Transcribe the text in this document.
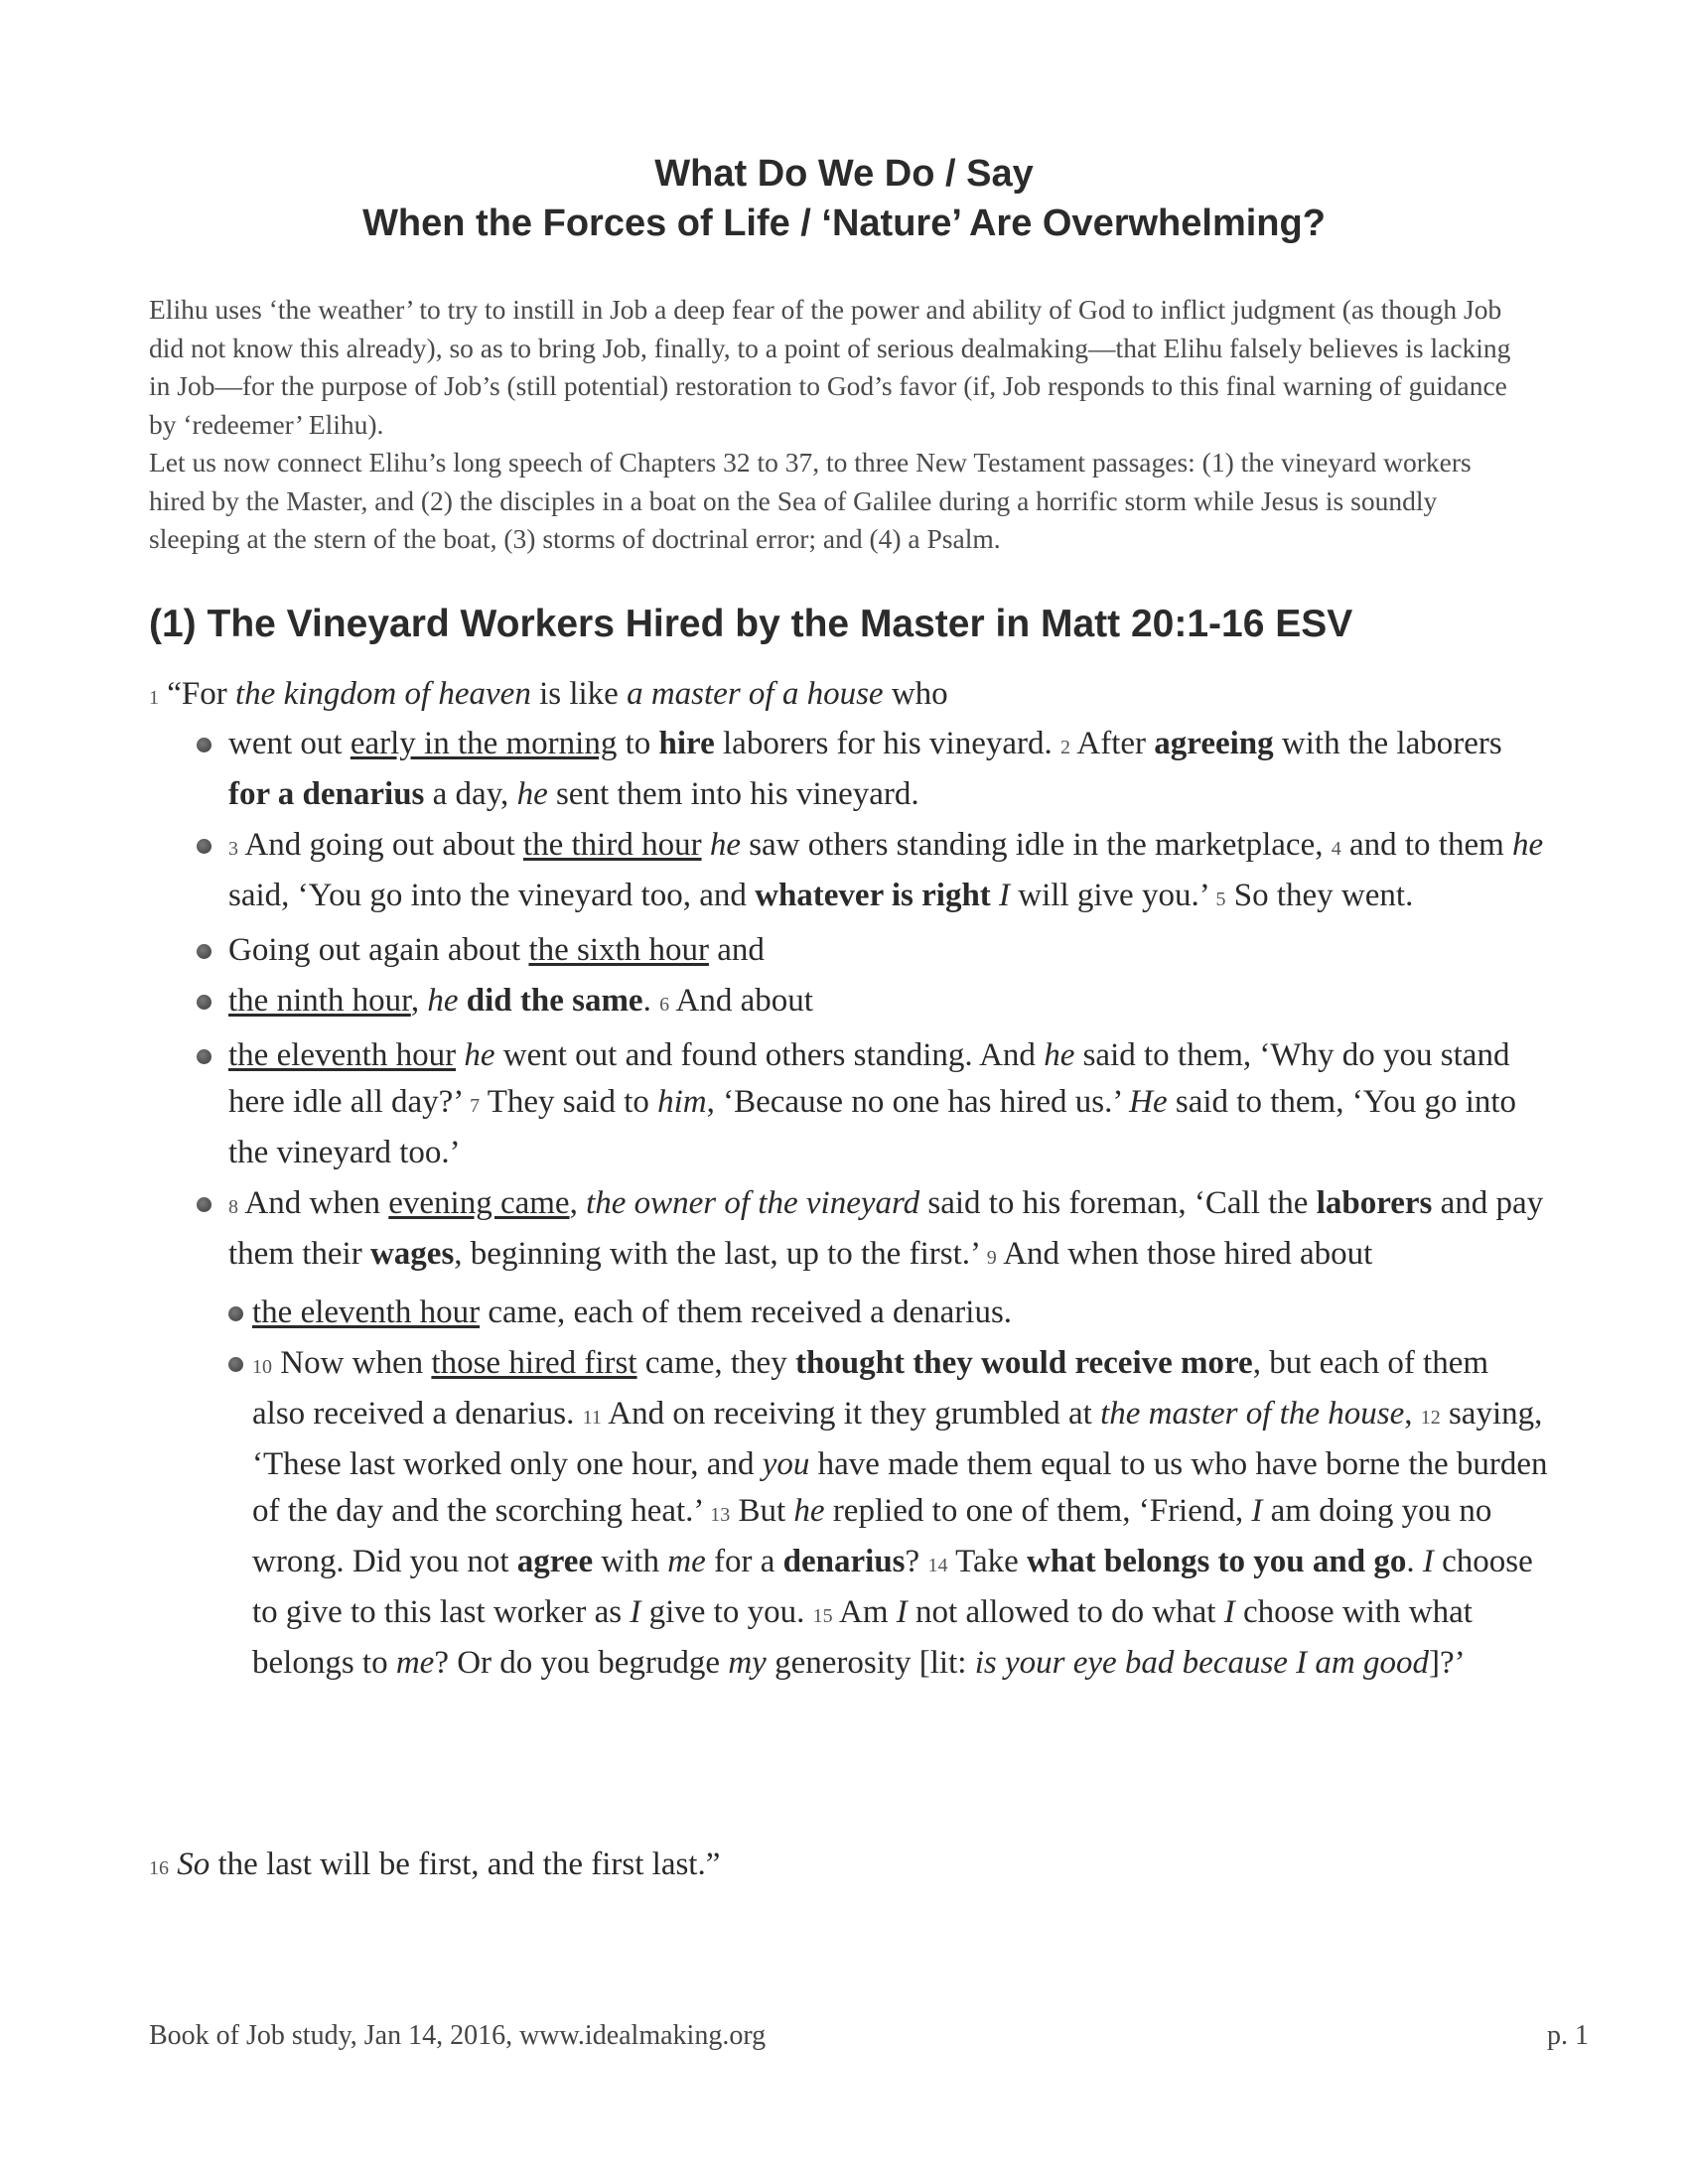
What Do We Do / Say
When the Forces of Life / ‘Nature’ Are Overwhelming?

Elihu uses ‘the weather’ to try to instill in Job a deep fear of the power and ability of God to inflict judgment (as though Job did not know this already), so as to bring Job, finally, to a point of serious dealmaking—that Elihu falsely believes is lacking in Job—for the purpose of Job’s (still potential) restoration to God’s favor (if, Job responds to this final warning of guidance by ‘redeemer’ Elihu).

Let us now connect Elihu’s long speech of Chapters 32 to 37, to three New Testament passages: (1) the vineyard workers hired by the Master, and (2) the disciples in a boat on the Sea of Galilee during a horrific storm while Jesus is soundly sleeping at the stern of the boat, (3) storms of doctrinal error; and (4) a Psalm.

(1) The Vineyard Workers Hired by the Master in Matt 20:1-16 ESV
1 “For the kingdom of heaven is like a master of a house who
went out early in the morning to hire laborers for his vineyard. 2 After agreeing with the laborers for a denarius a day, he sent them into his vineyard.
3 And going out about the third hour he saw others standing idle in the marketplace, 4 and to them he said, ‘You go into the vineyard too, and whatever is right I will give you.’ 5 So they went.
Going out again about the sixth hour and
the ninth hour, he did the same. 6 And about
the eleventh hour he went out and found others standing. And he said to them, ‘Why do you stand here idle all day?’ 7 They said to him, ‘Because no one has hired us.’ He said to them, ‘You go into the vineyard too.’
8 And when evening came, the owner of the vineyard said to his foreman, ‘Call the laborers and pay them their wages, beginning with the last, up to the first.’ 9 And when those hired about
the eleventh hour came, each of them received a denarius.
10 Now when those hired first came, they thought they would receive more, but each of them also received a denarius. 11 And on receiving it they grumbled at the master of the house, 12 saying, ‘These last worked only one hour, and you have made them equal to us who have borne the burden of the day and the scorching heat.’ 13 But he replied to one of them, ‘Friend, I am doing you no wrong. Did you not agree with me for a denarius? 14 Take what belongs to you and go. I choose to give to this last worker as I give to you. 15 Am I not allowed to do what I choose with what belongs to me? Or do you begrudge my generosity [lit: is your eye bad because I am good]?’
16 So the last will be first, and the first last.”
Book of Job study, Jan 14, 2016, www.idealmaking.org	p. 1
